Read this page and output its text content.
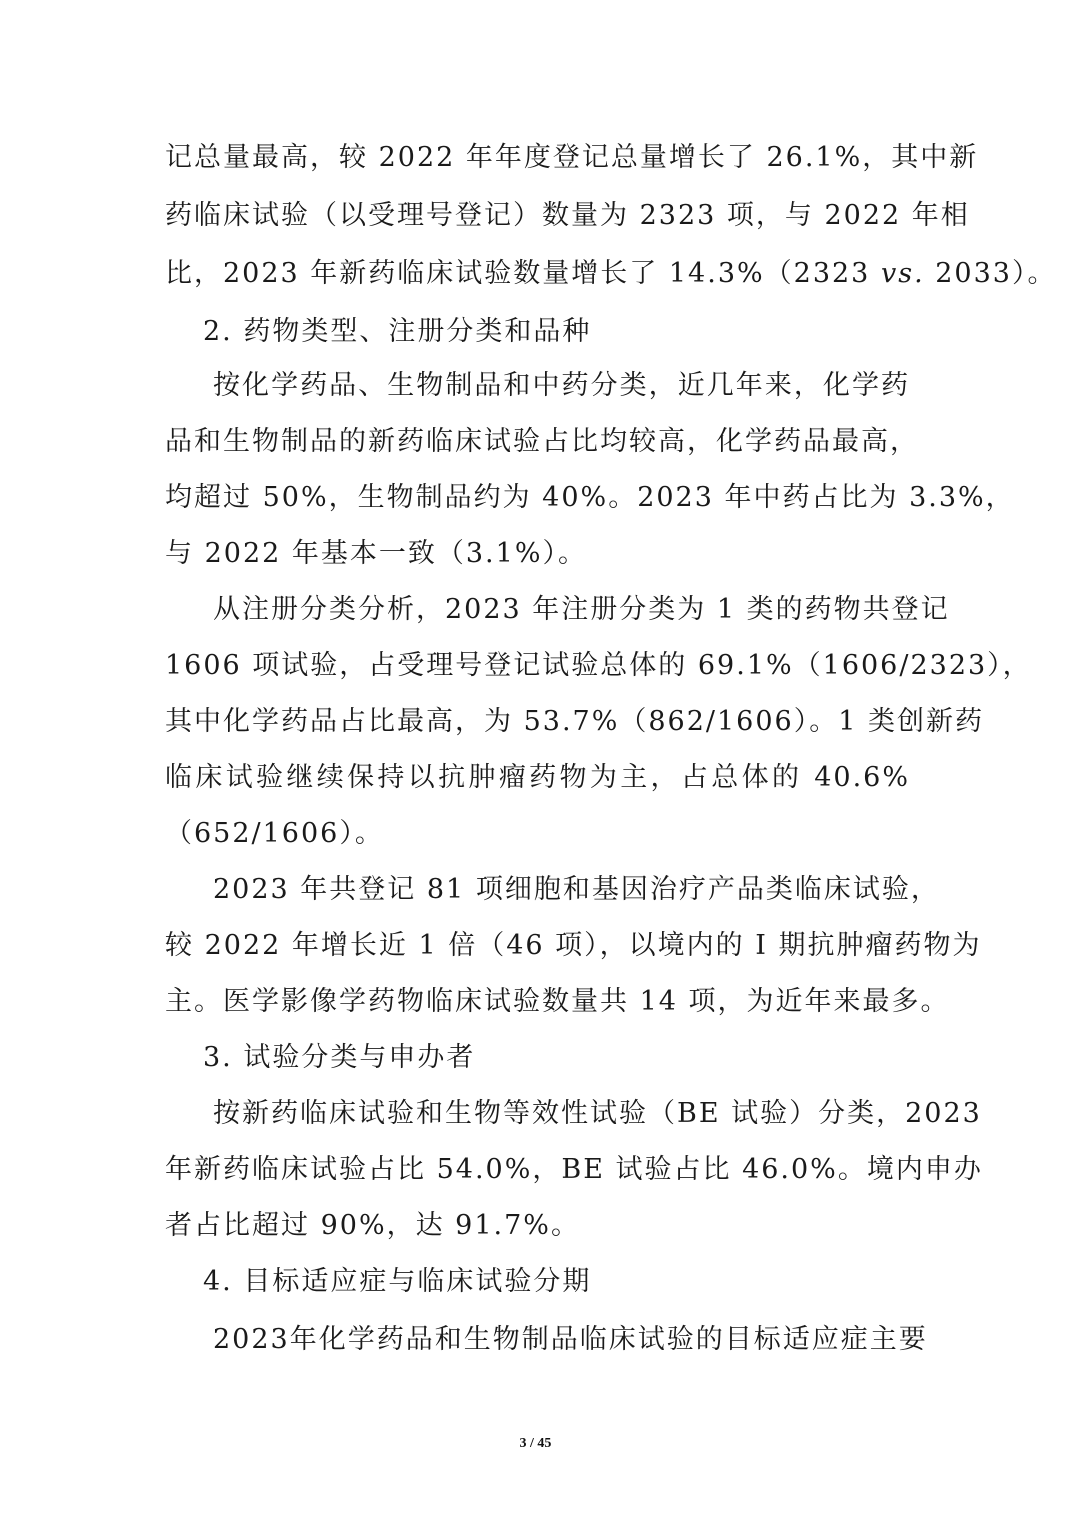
记总量最高，较 2022 年年度登记总量增长了 26.1%，其中新
药临床试验（以受理号登记）数量为 2323 项，与 2022 年相
比，2023 年新药临床试验数量增长了 14.3%（2323 vs. 2033）。
2. 药物类型、注册分类和品种
按化学药品、生物制品和中药分类，近几年来，化学药
品和生物制品的新药临床试验占比均较高，化学药品最高，
均超过 50%，生物制品约为 40%。2023 年中药占比为 3.3%，
与 2022 年基本一致（3.1%）。
从注册分类分析，2023 年注册分类为 1 类的药物共登记
1606 项试验，占受理号登记试验总体的 69.1%（1606/2323），
其中化学药品占比最高，为 53.7%（862/1606）。1 类创新药
临床试验继续保持以抗肿瘤药物为主，占总体的 40.6%
（652/1606）。
2023 年共登记 81 项细胞和基因治疗产品类临床试验，
较 2022 年增长近 1 倍（46 项），以境内的 I 期抗肿瘤药物为
主。医学影像学药物临床试验数量共 14 项，为近年来最多。
3. 试验分类与申办者
按新药临床试验和生物等效性试验（BE 试验）分类，2023
年新药临床试验占比 54.0%，BE 试验占比 46.0%。境内申办
者占比超过 90%，达 91.7%。
4. 目标适应症与临床试验分期
2023年化学药品和生物制品临床试验的目标适应症主要
3 / 45
